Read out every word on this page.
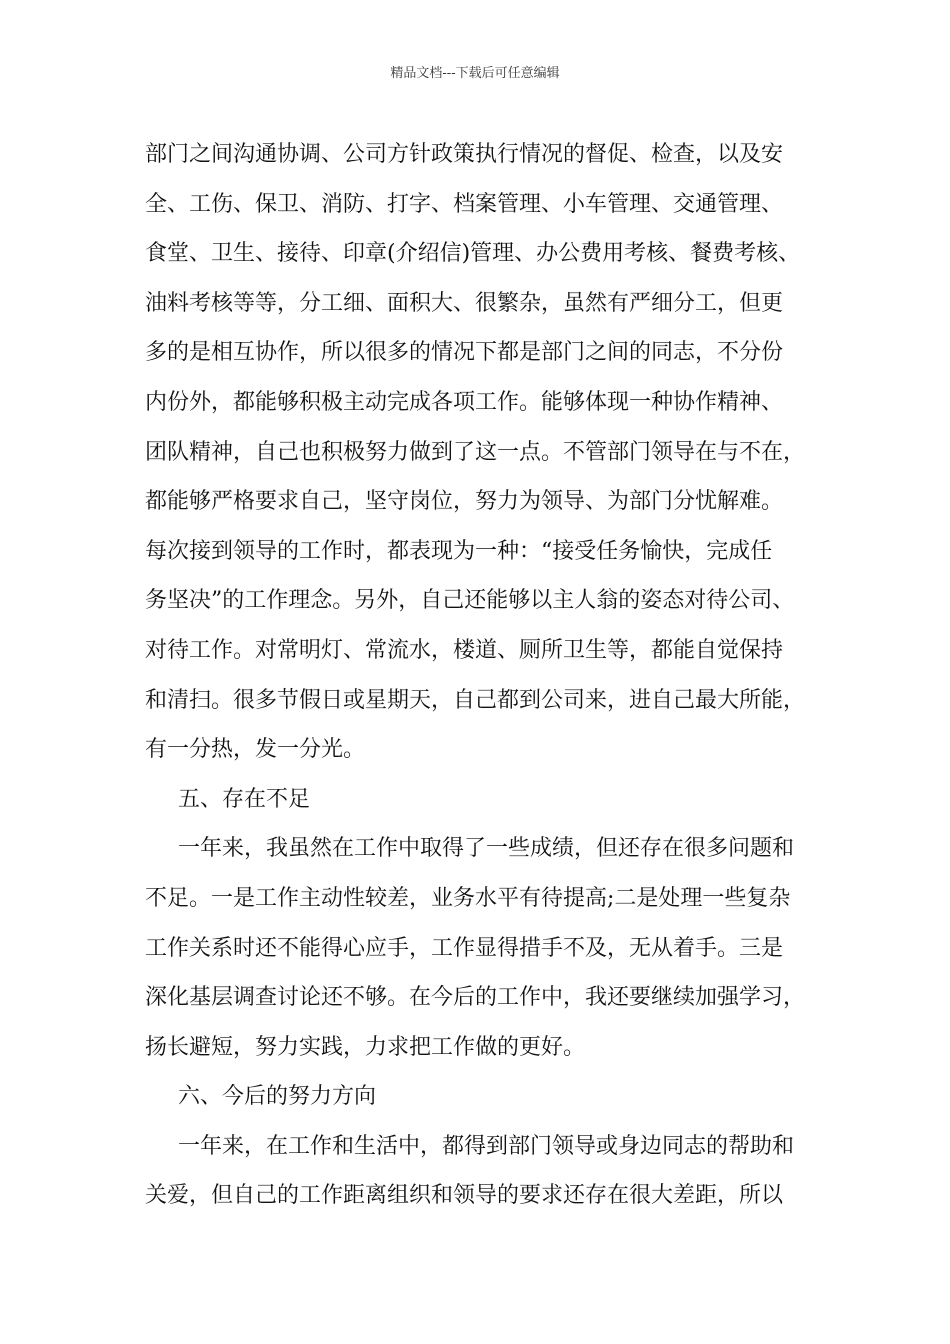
精品文档---下载后可任意编辑
部门之间沟通协调、公司方针政策执行情况的督促、检查，以及安
全、工伤、保卫、消防、打字、档案管理、小车管理、交通管理、
食堂、卫生、接待、印章(介绍信)管理、办公费用考核、餐费考核、
油料考核等等，分工细、面积大、很繁杂，虽然有严细分工，但更
多的是相互协作，所以很多的情况下都是部门之间的同志，不分份
内份外，都能够积极主动完成各项工作。能够体现一种协作精神、
团队精神，自己也积极努力做到了这一点。不管部门领导在与不在，
都能够严格要求自己，坚守岗位，努力为领导、为部门分忧解难。
每次接到领导的工作时，都表现为一种：“接受任务愉快，完成任
务坚决”的工作理念。另外，自己还能够以主人翁的姿态对待公司、
对待工作。对常明灯、常流水，楼道、厕所卫生等，都能自觉保持
和清扫。很多节假日或星期天，自己都到公司来，进自己最大所能，
有一分热，发一分光。
五、存在不足
一年来，我虽然在工作中取得了一些成绩，但还存在很多问题和
不足。一是工作主动性较差，业务水平有待提高;二是处理一些复杂
工作关系时还不能得心应手，工作显得措手不及，无从着手。三是
深化基层调查讨论还不够。在今后的工作中，我还要继续加强学习，
扬长避短，努力实践，力求把工作做的更好。
六、今后的努力方向
一年来，在工作和生活中，都得到部门领导或身边同志的帮助和
关爱，但自己的工作距离组织和领导的要求还存在很大差距，所以
